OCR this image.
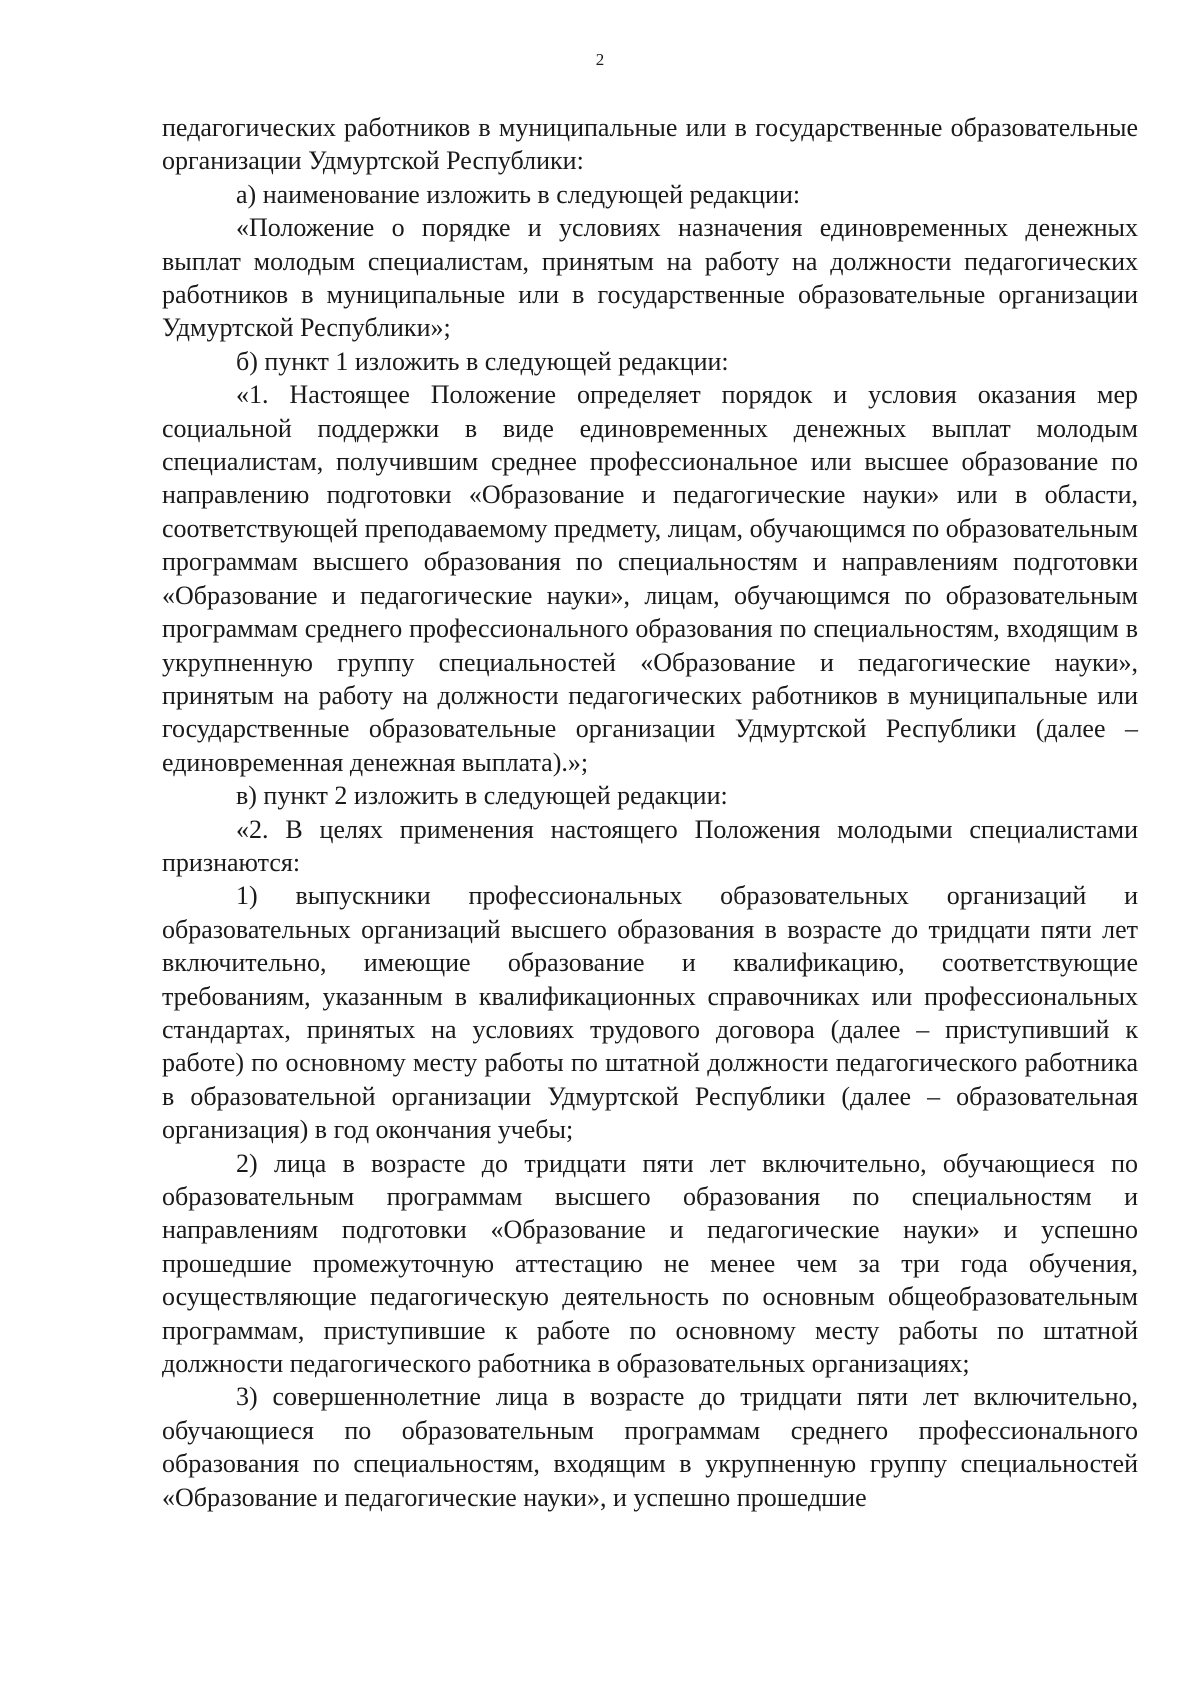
2

педагогических работников в муниципальные или в государственные образовательные организации Удмуртской Республики:

а) наименование изложить в следующей редакции:

«Положение о порядке и условиях назначения единовременных денежных выплат молодым специалистам, принятым на работу на должности педагогических работников в муниципальные или в государственные образовательные организации Удмуртской Республики»;

б) пункт 1 изложить в следующей редакции:

«1. Настоящее Положение определяет порядок и условия оказания мер социальной поддержки в виде единовременных денежных выплат молодым специалистам, получившим среднее профессиональное или высшее образование по направлению подготовки «Образование и педагогические науки» или в области, соответствующей преподаваемому предмету, лицам, обучающимся по образовательным программам высшего образования по специальностям и направлениям подготовки «Образование и педагогические науки», лицам, обучающимся по образовательным программам среднего профессионального образования по специальностям, входящим в укрупненную группу специальностей «Образование и педагогические науки», принятым на работу на должности педагогических работников в муниципальные или государственные образовательные организации Удмуртской Республики (далее – единовременная денежная выплата).»;

в) пункт 2 изложить в следующей редакции:

«2. В целях применения настоящего Положения молодыми специалистами признаются:

1) выпускники профессиональных образовательных организаций и образовательных организаций высшего образования в возрасте до тридцати пяти лет включительно, имеющие образование и квалификацию, соответствующие требованиям, указанным в квалификационных справочниках или профессиональных стандартах, принятых на условиях трудового договора (далее – приступивший к работе) по основному месту работы по штатной должности педагогического работника в образовательной организации Удмуртской Республики (далее – образовательная организация) в год окончания учебы;

2) лица в возрасте до тридцати пяти лет включительно, обучающиеся по образовательным программам высшего образования по специальностям и направлениям подготовки «Образование и педагогические науки» и успешно прошедшие промежуточную аттестацию не менее чем за три года обучения, осуществляющие педагогическую деятельность по основным общеобразовательным программам, приступившие к работе по основному месту работы по штатной должности педагогического работника в образовательных организациях;

3) совершеннолетние лица в возрасте до тридцати пяти лет включительно, обучающиеся по образовательным программам среднего профессионального образования по специальностям, входящим в укрупненную группу специальностей «Образование и педагогические науки», и успешно прошедшие
